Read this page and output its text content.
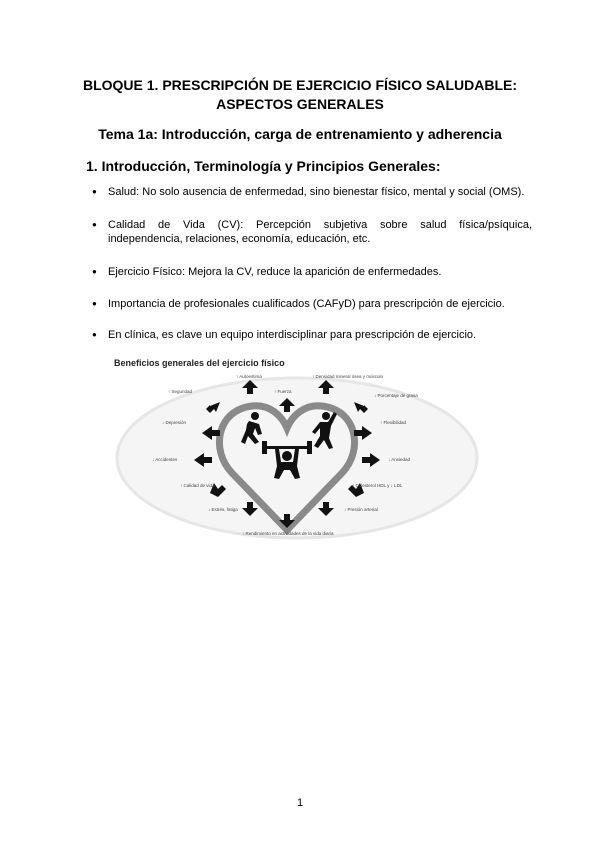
BLOQUE 1. PRESCRIPCIÓN DE EJERCICIO FÍSICO SALUDABLE:
ASPECTOS GENERALES
Tema 1a: Introducción, carga de entrenamiento y adherencia
1. Introducción, Terminología y Principios Generales:
● Salud: No solo ausencia de enfermedad, sino bienestar físico, mental y social (OMS).
● Calidad de Vida (CV): Percepción subjetiva sobre salud física/psíquica, independencia, relaciones, economía, educación, etc.
● Ejercicio Físico: Mejora la CV, reduce la aparición de enfermedades.
● Importancia de profesionales cualificados (CAFyD) para prescripción de ejercicio.
● En clínica, es clave un equipo interdisciplinar para prescripción de ejercicio.
Beneficios generales del ejercicio físico
↑ Autoestima
↑ Fuerza
↑ Densidad mineral ósea y músculo
↑ Seguridad
↓ Porcentaje de grasa
↓ Depresión	↑ Flexibilidad
↓ Accidentes	↓ Ansiedad
↑ Calidad de vida	↑ Colesterol HDL y ↓ LDL
↓ Estrés, fatiga	↓ Presión arterial
↑ Rendimiento en actividades de la vida diaria
1
